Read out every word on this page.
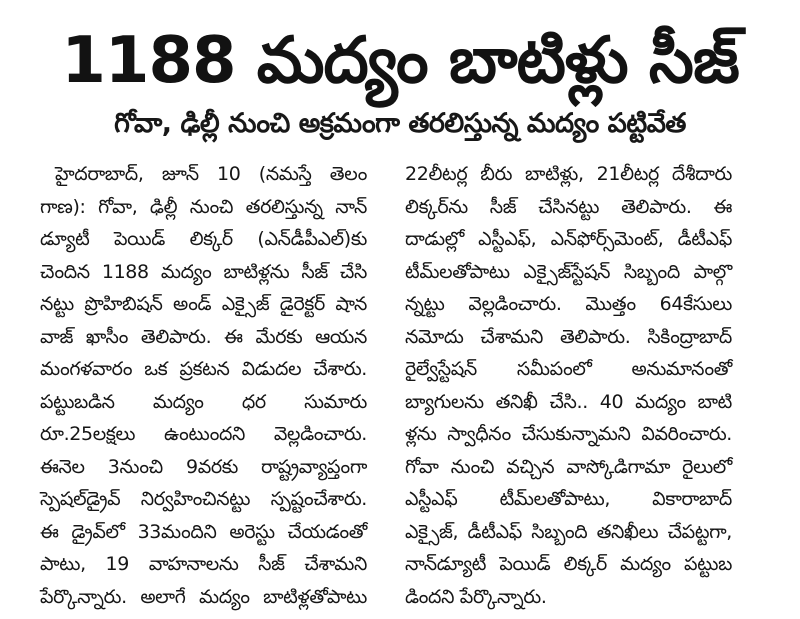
1188 మద్యం బాటిళ్లు సీజ్
గోవా, ఢిల్లీ నుంచి అక్రమంగా తరలిస్తున్న మద్యం పట్టివేత
హైదరాబాద్‌, జూన్‌ 10 (నమస్తే తెలం
గాణ): గోవా, ఢిల్లీ నుంచి తరలిస్తున్న నాన్‌
డ్యూటీ పెయిడ్‌ లిక్కర్‌ (ఎన్‌డీపీఎల్‌)కు
చెందిన 1188 మద్యం బాటిళ్లను సీజ్‌ చేసి
నట్టు ప్రొహిబిషన్‌ అండ్‌ ఎక్సైజ్‌ డైరెక్టర్‌ షాన
వాజ్‌ ఖాసీం తెలిపారు. ఈ మేరకు ఆయన
మంగళవారం ఒక ప్రకటన విడుదల చేశారు.
పట్టుబడిన మద్యం ధర సుమారు
రూ.25లక్షలు ఉంటుందని వెల్లడించారు.
ఈనెల 3నుంచి 9వరకు రాష్ట్రవ్యాప్తంగా
స్పెషల్‌డ్రైవ్‌ నిర్వహించినట్టు స్పష్టంచేశారు.
ఈ డ్రైవ్‌లో 33మందిని అరెస్టు చేయడంతో
పాటు, 19 వాహనాలను సీజ్‌ చేశామని
పేర్కొన్నారు. అలాగే మద్యం బాటిళ్లతోపాటు
22లీటర్ల బీరు బాటిళ్లు, 21లీటర్ల దేశీదారు
లిక్కర్‌ను సీజ్‌ చేసినట్టు తెలిపారు. ఈ
దాడుల్లో ఎస్టీఎఫ్‌, ఎన్‌ఫోర్స్‌మెంట్‌, డీటీఎఫ్‌
టీమ్‌లతోపాటు ఎక్సైజ్‌స్టేషన్‌ సిబ్బంది పాల్గొ
న్నట్టు వెల్లడించారు. మొత్తం 64కేసులు
నమోదు చేశామని తెలిపారు. సికింద్రాబాద్‌
రైల్వేస్టేషన్‌ సమీపంలో అనుమానంతో
బ్యాగులను తనిఖీ చేసి.. 40 మద్యం బాటి
ళ్లను స్వాధీనం చేసుకున్నామని వివరించారు.
గోవా నుంచి వచ్చిన వాస్కోడిగామా రైలులో
ఎస్టీఎఫ్‌ టీమ్‌లతోపాటు, వికారాబాద్‌
ఎక్సైజ్‌, డీటీఎఫ్‌ సిబ్బంది తనిఖీలు చేపట్టగా,
నాన్‌డ్యూటీ పెయిడ్‌ లిక్కర్‌ మద్యం పట్టుబ
డిందని పేర్కొన్నారు.
